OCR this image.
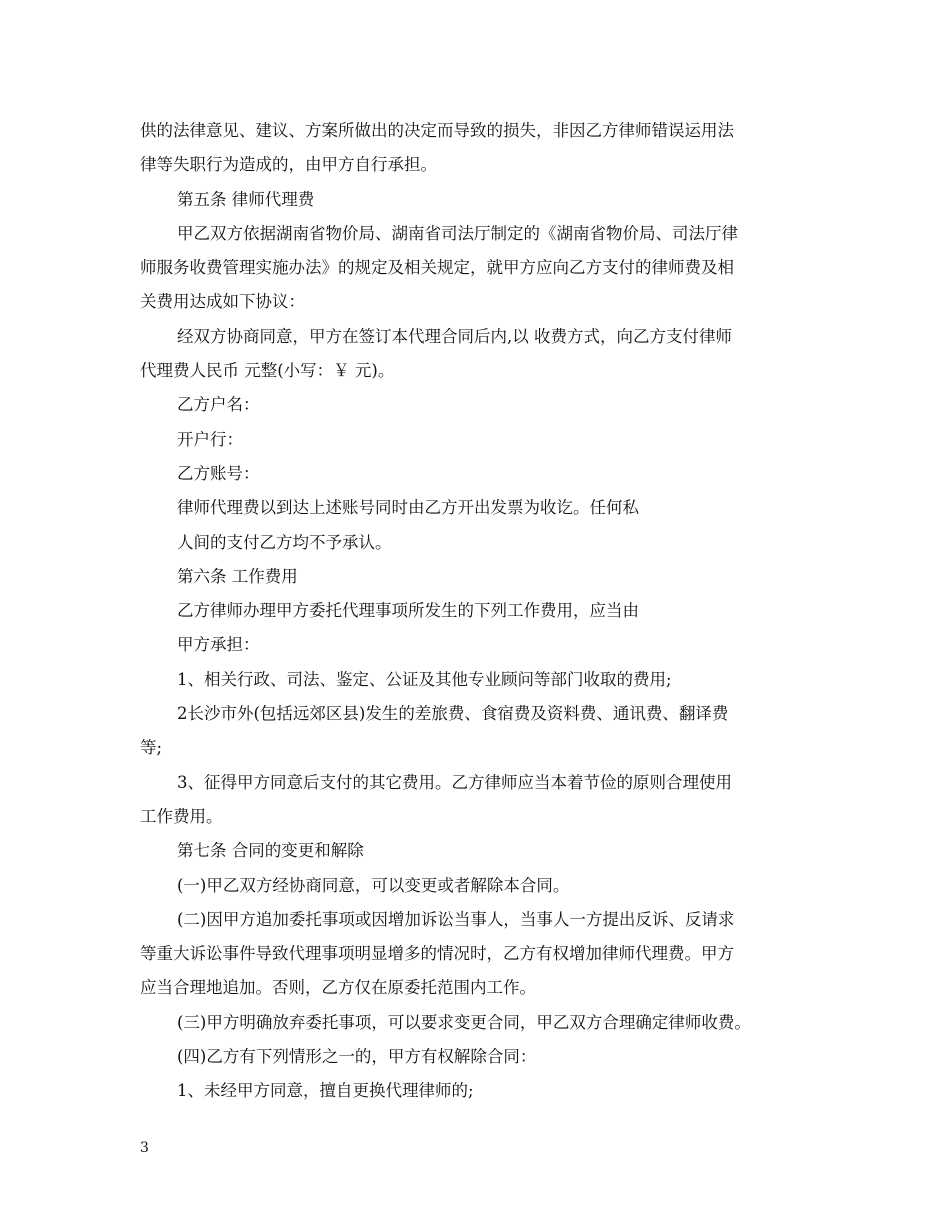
供的法律意见、建议、方案所做出的决定而导致的损失，非因乙方律师错误运用法
律等失职行为造成的，由甲方自行承担。
第五条 律师代理费
甲乙双方依据湖南省物价局、湖南省司法厅制定的《湖南省物价局、司法厅律
师服务收费管理实施办法》的规定及相关规定，就甲方应向乙方支付的律师费及相
关费用达成如下协议：
经双方协商同意，甲方在签订本代理合同后内,以 收费方式，向乙方支付律师
代理费人民币 元整(小写：￥ 元)。
乙方户名：
开户行：
乙方账号：
律师代理费以到达上述账号同时由乙方开出发票为收讫。任何私
人间的支付乙方均不予承认。
第六条 工作费用
乙方律师办理甲方委托代理事项所发生的下列工作费用，应当由
甲方承担：
1、相关行政、司法、鉴定、公证及其他专业顾问等部门收取的费用;
2长沙市外(包括远郊区县)发生的差旅费、食宿费及资料费、通讯费、翻译费
等;
3、征得甲方同意后支付的其它费用。乙方律师应当本着节俭的原则合理使用
工作费用。
第七条 合同的变更和解除
(一)甲乙双方经协商同意，可以变更或者解除本合同。
(二)因甲方追加委托事项或因增加诉讼当事人，当事人一方提出反诉、反请求
等重大诉讼事件导致代理事项明显增多的情况时，乙方有权增加律师代理费。甲方
应当合理地追加。否则，乙方仅在原委托范围内工作。
(三)甲方明确放弃委托事项，可以要求变更合同，甲乙双方合理确定律师收费。
(四)乙方有下列情形之一的，甲方有权解除合同：
1、未经甲方同意，擅自更换代理律师的;
3
